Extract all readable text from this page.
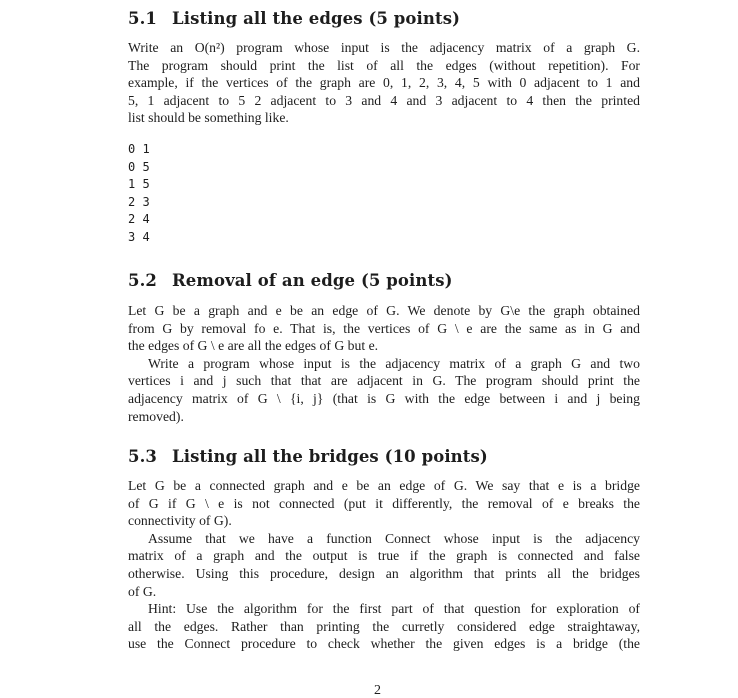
5.1 Listing all the edges (5 points)
Write an O(n²) program whose input is the adjacency matrix of a graph G.
The program should print the list of all the edges (without repetition). For
example, if the vertices of the graph are 0, 1, 2, 3, 4, 5 with 0 adjacent to 1 and
5, 1 adjacent to 5 2 adjacent to 3 and 4 and 3 adjacent to 4 then the printed
list should be something like.
0 1
0 5
1 5
2 3
2 4
3 4
5.2 Removal of an edge (5 points)
Let G be a graph and e be an edge of G. We denote by G\e the graph obtained
from G by removal fo e. That is, the vertices of G \ e are the same as in G and
the edges of G \ e are all the edges of G but e.
Write a program whose input is the adjacency matrix of a graph G and two
vertices i and j such that that are adjacent in G. The program should print the
adjacency matrix of G \ {i, j} (that is G with the edge between i and j being
removed).
5.3 Listing all the bridges (10 points)
Let G be a connected graph and e be an edge of G. We say that e is a bridge
of G if G \ e is not connected (put it differently, the removal of e breaks the
connectivity of G).
Assume that we have a function Connect whose input is the adjacency
matrix of a graph and the output is true if the graph is connected and false
otherwise. Using this procedure, design an algorithm that prints all the bridges
of G.
Hint: Use the algorithm for the first part of that question for exploration of
all the edges. Rather than printing the curretly considered edge straightaway,
use the Connect procedure to check whether the given edges is a bridge (the
2
